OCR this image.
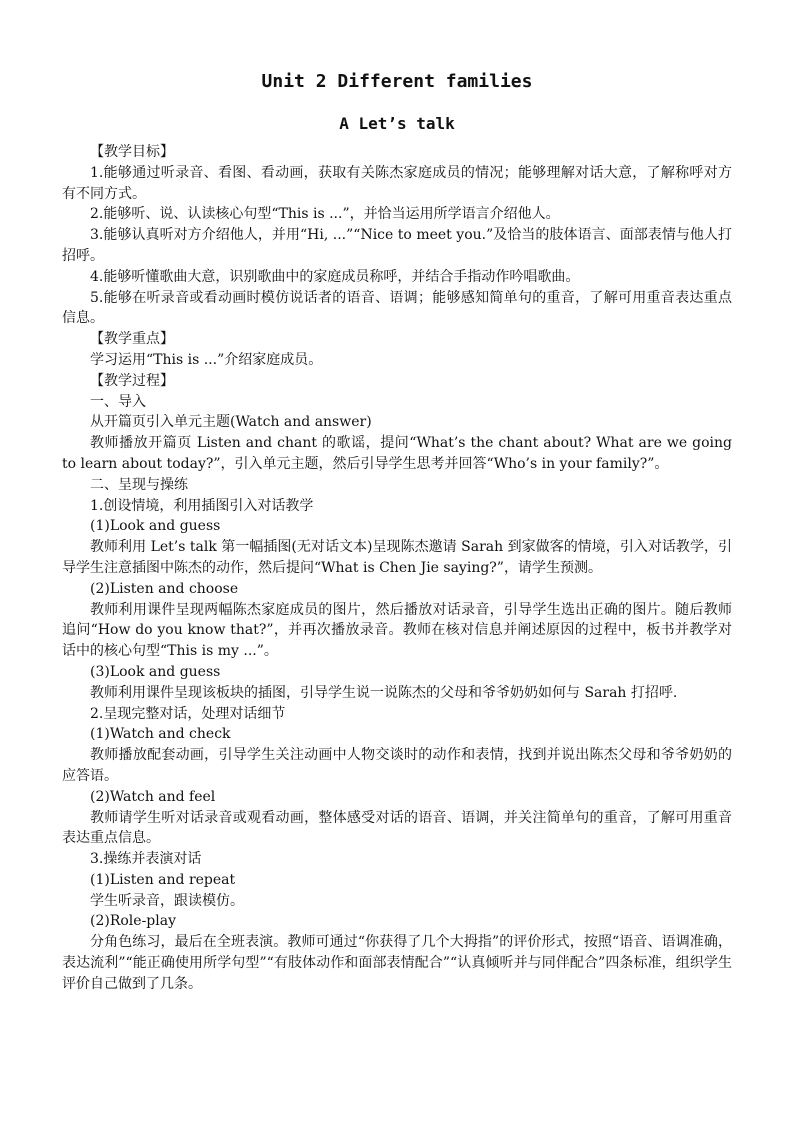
Unit 2 Different families
A Let’s talk

【教学目标】

1.能够通过听录音、看图、看动画，获取有关陈杰家庭成员的情况；能够理解对话大意，了解称呼对方有不同方式。

2.能够听、说、认读核心句型“This is ...”，并恰当运用所学语言介绍他人。

3.能够认真听对方介绍他人，并用“Hi, ...”“Nice to meet you.”及恰当的肢体语言、面部表情与他人打招呼。

4.能够听懂歌曲大意，识别歌曲中的家庭成员称呼，并结合手指动作吟唱歌曲。

5.能够在听录音或看动画时模仿说话者的语音、语调；能够感知简单句的重音，了解可用重音表达重点信息。

【教学重点】

学习运用“This is ...”介绍家庭成员。

【教学过程】

一、导入

从开篇页引入单元主题(Watch and answer)

教师播放开篇页 Listen and chant 的歌谣，提问“What’s the chant about? What are we going to learn about today?”，引入单元主题，然后引导学生思考并回答“Who’s in your family?”。

二、呈现与操练

1.创设情境，利用插图引入对话教学

(1)Look and guess

教师利用 Let’s talk 第一幅插图(无对话文本)呈现陈杰邀请 Sarah 到家做客的情境，引入对话教学，引导学生注意插图中陈杰的动作，然后提问“What is Chen Jie saying?”，请学生预测。

(2)Listen and choose

教师利用课件呈现两幅陈杰家庭成员的图片，然后播放对话录音，引导学生选出正确的图片。随后教师追问“How do you know that?”，并再次播放录音。教师在核对信息并阐述原因的过程中，板书并教学对话中的核心句型“This is my ...”。

(3)Look and guess

教师利用课件呈现该板块的插图，引导学生说一说陈杰的父母和爷爷奶奶如何与 Sarah 打招呼.

2.呈现完整对话，处理对话细节

(1)Watch and check

教师播放配套动画，引导学生关注动画中人物交谈时的动作和表情，找到并说出陈杰父母和爷爷奶奶的应答语。

(2)Watch and feel

教师请学生听对话录音或观看动画，整体感受对话的语音、语调，并关注简单句的重音，了解可用重音表达重点信息。

3.操练并表演对话

(1)Listen and repeat

学生听录音，跟读模仿。

(2)Role-play

分角色练习，最后在全班表演。教师可通过“你获得了几个大拇指”的评价形式，按照“语音、语调准确，表达流利”“能正确使用所学句型”“有肢体动作和面部表情配合”“认真倾听并与同伴配合”四条标准，组织学生评价自己做到了几条。
